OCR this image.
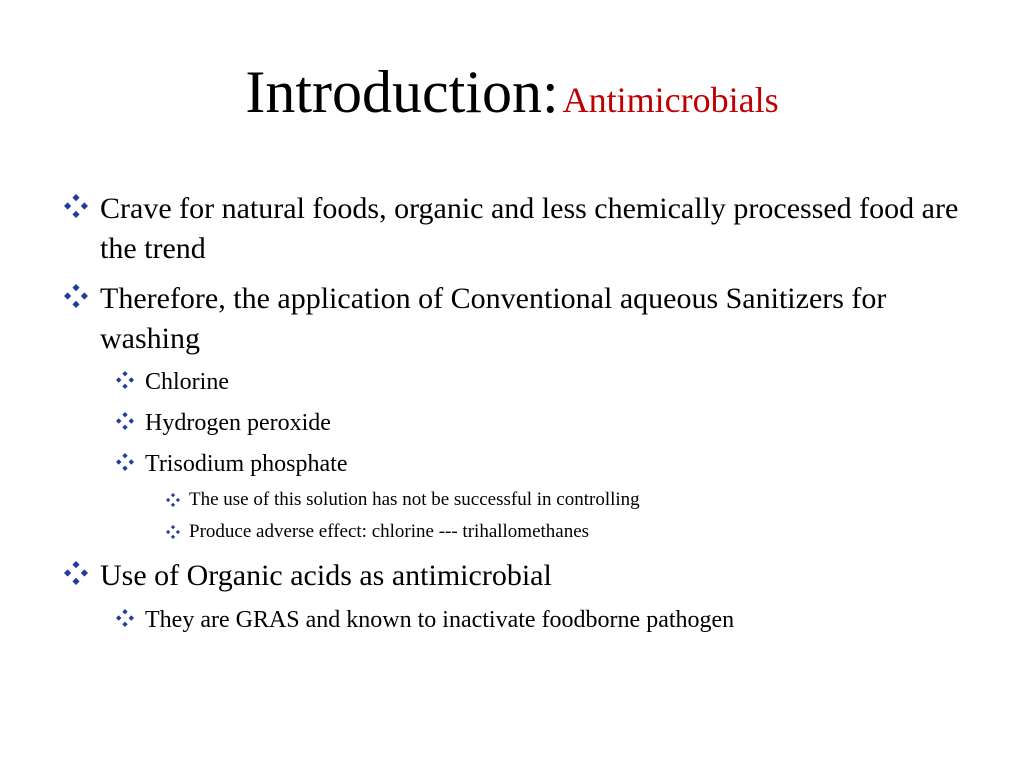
Introduction: Antimicrobials
Crave for natural foods, organic and less chemically processed food are the trend
Therefore, the application of Conventional aqueous Sanitizers for washing
Chlorine
Hydrogen peroxide
Trisodium phosphate
The use of this solution has not be successful in controlling
Produce adverse effect: chlorine --- trihallomethanes
Use of Organic acids as antimicrobial
They are GRAS and known to inactivate foodborne pathogen
